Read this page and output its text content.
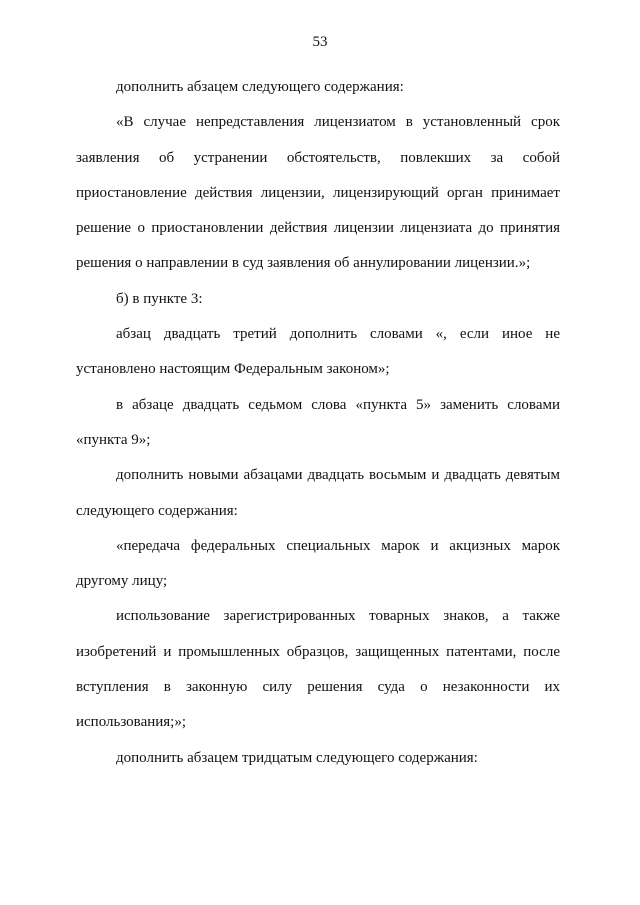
53

дополнить абзацем следующего содержания:

«В случае непредставления лицензиатом в установленный срок заявления об устранении обстоятельств, повлекших за собой приостановление действия лицензии, лицензирующий орган принимает решение о приостановлении действия лицензии лицензиата до принятия решения о направлении в суд заявления об аннулировании лицензии.»;

б) в пункте 3:

абзац двадцать третий дополнить словами «, если иное не установлено настоящим Федеральным законом»;

в абзаце двадцать седьмом слова «пункта 5» заменить словами «пункта 9»;

дополнить новыми абзацами двадцать восьмым и двадцать девятым следующего содержания:

«передача федеральных специальных марок и акцизных марок другому лицу;

использование зарегистрированных товарных знаков, а также изобретений и промышленных образцов, защищенных патентами, после вступления в законную силу решения суда о незаконности их использования;»;

дополнить абзацем тридцатым следующего содержания:
